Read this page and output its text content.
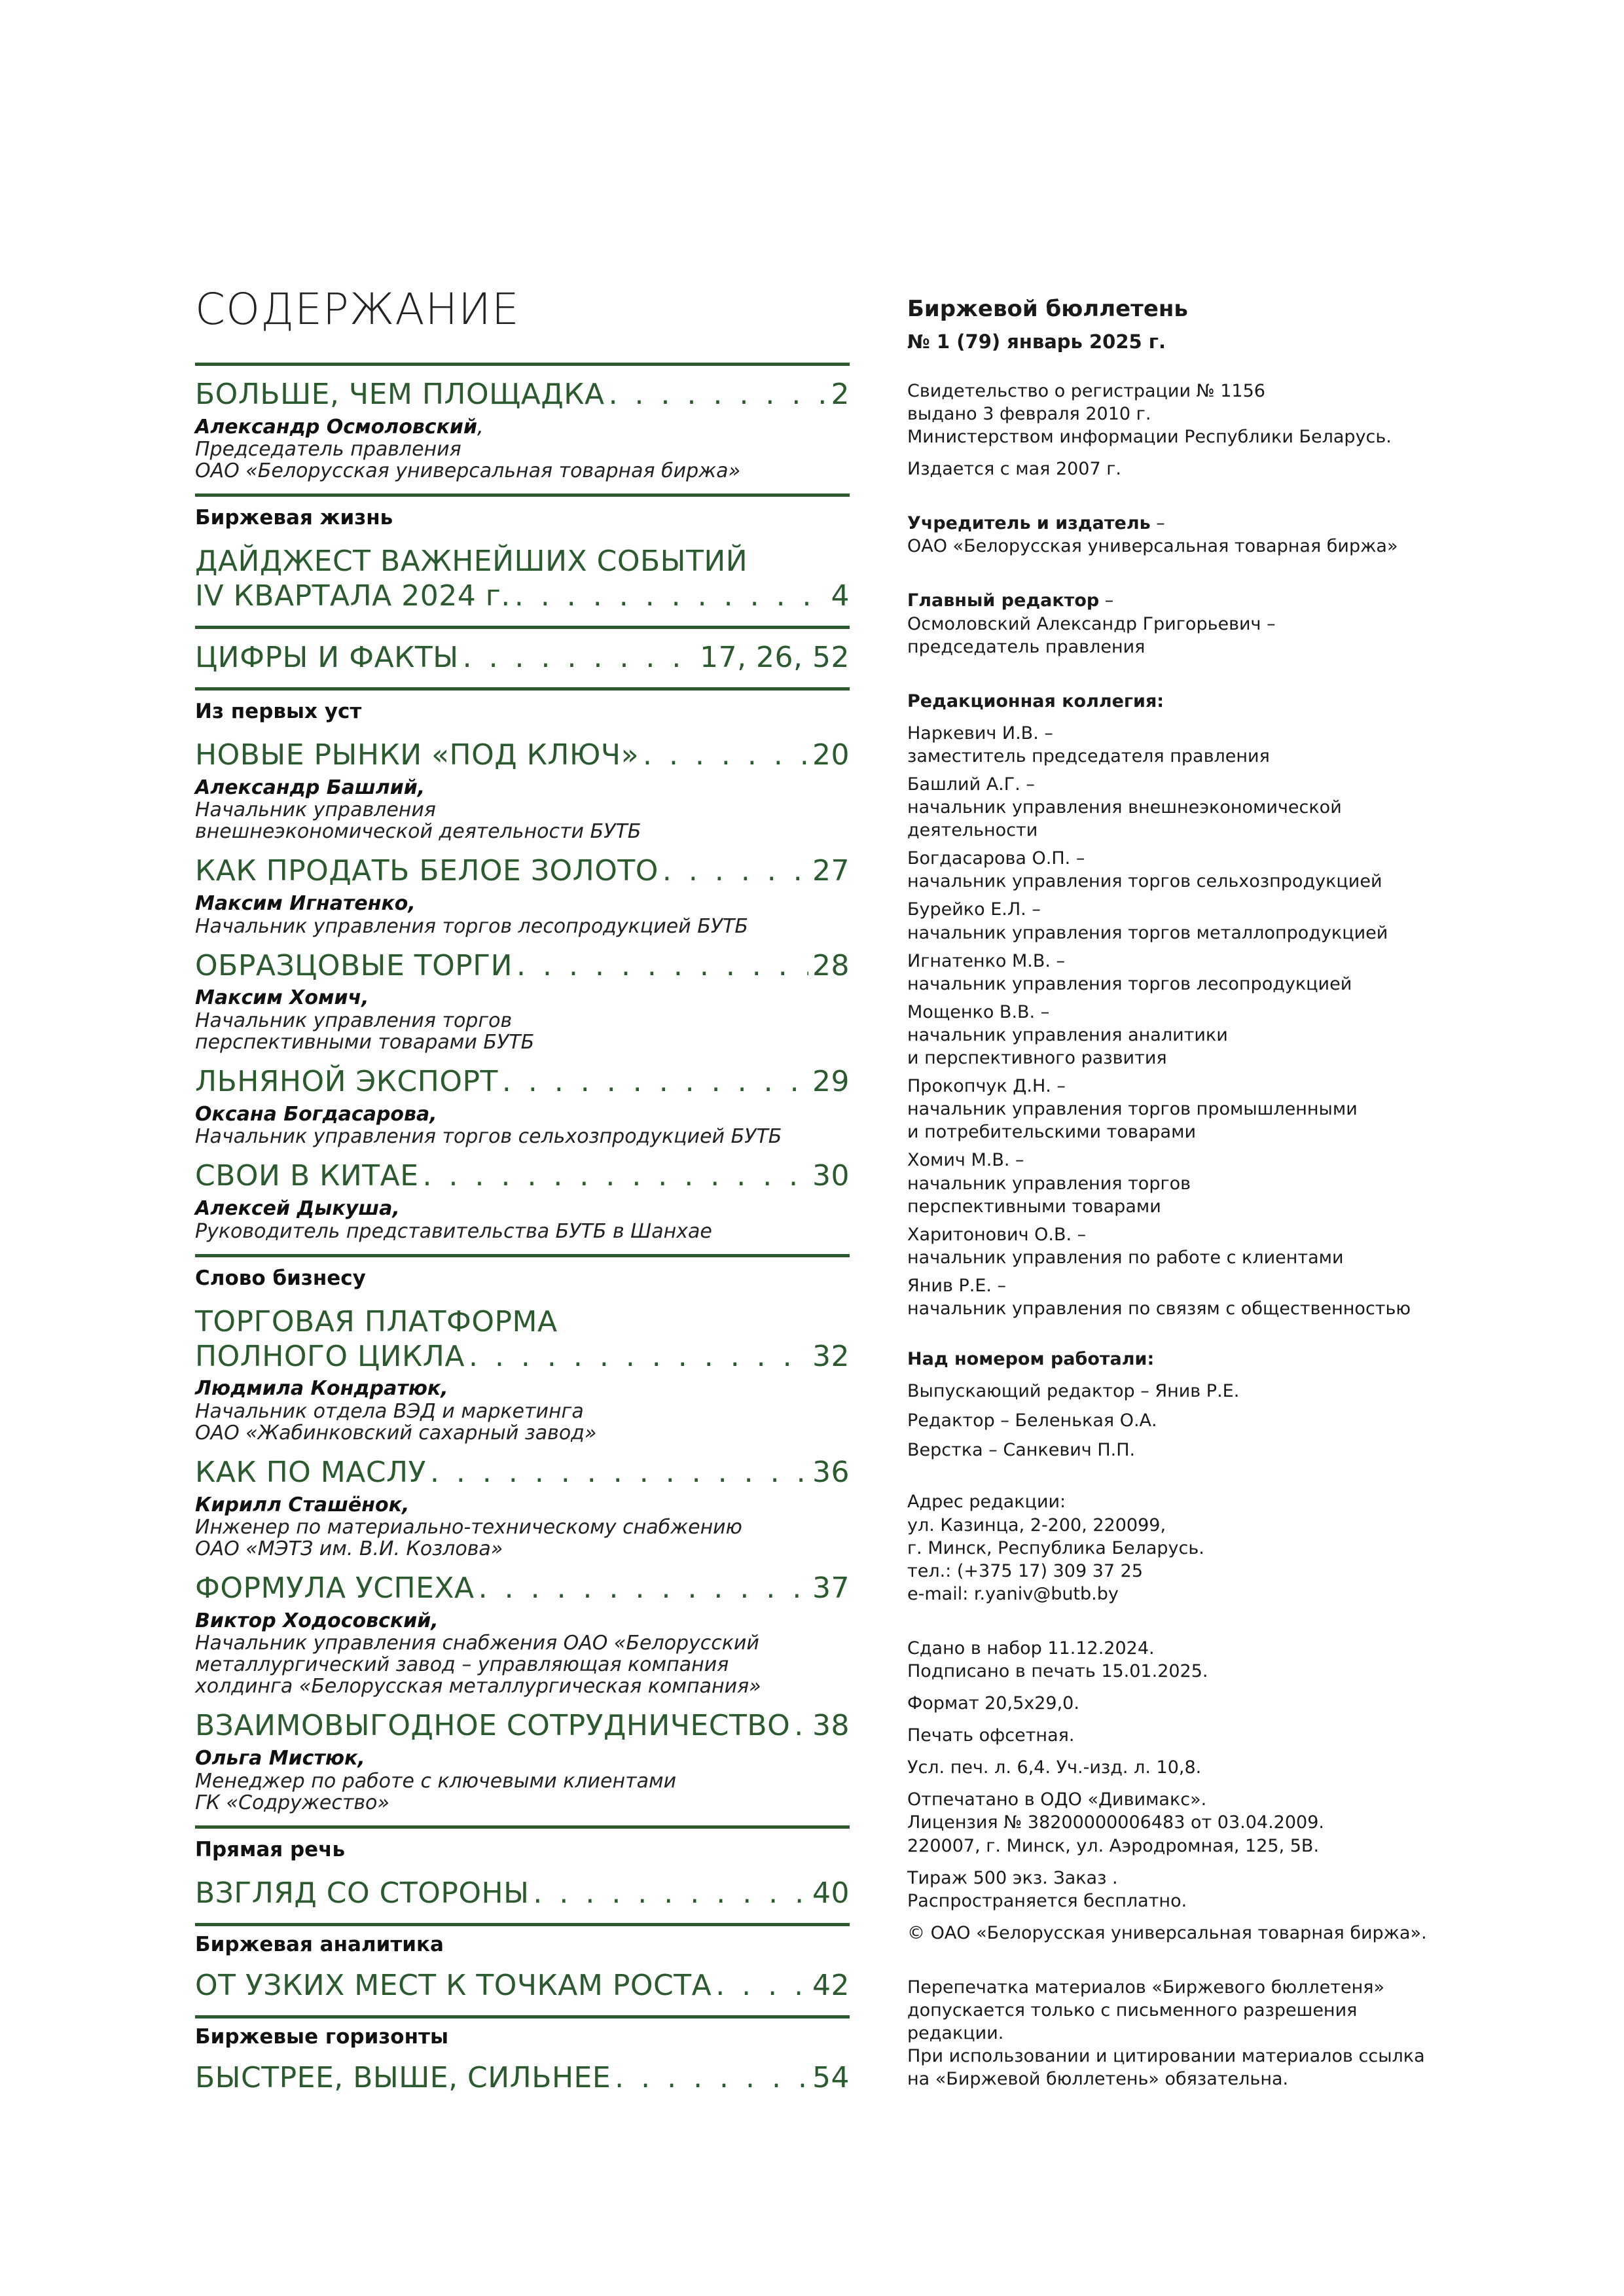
СОДЕРЖАНИЕ
БОЛЬШЕ, ЧЕМ ПЛОЩАДКА . . .	2
Александр Осмоловский,
Председатель правления
ОАО «Белорусская универсальная товарная биржа»
Биржевая жизнь
ДАЙДЖЕСТ ВАЖНЕЙШИХ СОБЫТИЙ
IV КВАРТАЛА 2024 г. . . .	4
ЦИФРЫ И ФАКТЫ . . .	17, 26, 52
Из первых уст
НОВЫЕ РЫНКИ «ПОД КЛЮЧ» . . .	20
Александр Башлий,
Начальник управления
внешнеэкономической деятельности БУТБ
КАК ПРОДАТЬ БЕЛОЕ ЗОЛОТО . . .	27
Максим Игнатенко,
Начальник управления торгов лесопродукцией БУТБ
ОБРАЗЦОВЫЕ ТОРГИ . . .	28
Максим Хомич,
Начальник управления торгов
перспективными товарами БУТБ
ЛЬНЯНОЙ ЭКСПОРТ . . .	29
Оксана Богдасарова,
Начальник управления торгов сельхозпродукцией БУТБ
СВОИ В КИТАЕ . . .	30
Алексей Дыкуша,
Руководитель представительства БУТБ в Шанхае
Слово бизнесу
ТОРГОВАЯ ПЛАТФОРМА
ПОЛНОГО ЦИКЛА . . .	32
Людмила Кондратюк,
Начальник отдела ВЭД и маркетинга
ОАО «Жабинковский сахарный завод»
КАК ПО МАСЛУ . . .	36
Кирилл Сташёнок,
Инженер по материально-техническому снабжению
ОАО «МЭТЗ им. В.И. Козлова»
ФОРМУЛА УСПЕХА . . .	37
Виктор Ходосовский,
Начальник управления снабжения ОАО «Белорусский
металлургический завод – управляющая компания
холдинга «Белорусская металлургическая компания»
ВЗАИМОВЫГОДНОЕ СОТРУДНИЧЕСТВО . . . 38
Ольга Мистюк,
Менеджер по работе с ключевыми клиентами
ГК «Содружество»
Прямая речь
ВЗГЛЯД СО СТОРОНЫ . . .	40
Биржевая аналитика
ОТ УЗКИХ МЕСТ К ТОЧКАМ РОСТА . . .	42
Биржевые горизонты
БЫСТРЕЕ, ВЫШЕ, СИЛЬНЕЕ . . .	54
Биржевой бюллетень
№ 1 (79) январь 2025 г.
Свидетельство о регистрации № 1156
выдано 3 февраля 2010 г.
Министерством информации Республики Беларусь.
Издается с мая 2007 г.
Учредитель и издатель –
ОАО «Белорусская универсальная товарная биржа»
Главный редактор –
Осмоловский Александр Григорьевич –
председатель правления
Редакционная коллегия:
Наркевич И.В. –
заместитель председателя правления
Башлий А.Г. –
начальник управления внешнеэкономической
деятельности
Богдасарова О.П. –
начальник управления торгов сельхозпродукцией
Бурейко Е.Л. –
начальник управления торгов металлопродукцией
Игнатенко М.В. –
начальник управления торгов лесопродукцией
Мощенко В.В. –
начальник управления аналитики
и перспективного развития
Прокопчук Д.Н. –
начальник управления торгов промышленными
и потребительскими товарами
Хомич М.В. –
начальник управления торгов
перспективными товарами
Харитонович О.В. –
начальник управления по работе с клиентами
Янив Р.Е. –
начальник управления по связям с общественностью
Над номером работали:
Выпускающий редактор – Янив Р.Е.
Редактор – Беленькая О.А.
Верстка – Санкевич П.П.
Адрес редакции:
ул. Казинца, 2-200, 220099,
г. Минск, Республика Беларусь.
тел.: (+375 17) 309 37 25
e-mail: r.yaniv@butb.by
Сдано в набор 11.12.2024.
Подписано в печать 15.01.2025.
Формат 20,5х29,0.
Печать офсетная.
Усл. печ. л. 6,4. Уч.-изд. л. 10,8.
Отпечатано в ОДО «Дивимакс».
Лицензия № 38200000006483 от 03.04.2009.
220007, г. Минск, ул. Аэродромная, 125, 5В.
Тираж 500 экз. Заказ .
Распространяется бесплатно.
© ОАО «Белорусская универсальная товарная биржа».
Перепечатка материалов «Биржевого бюллетеня»
допускается только с письменного разрешения редакции.
При использовании и цитировании материалов ссылка
на «Биржевой бюллетень» обязательна.
